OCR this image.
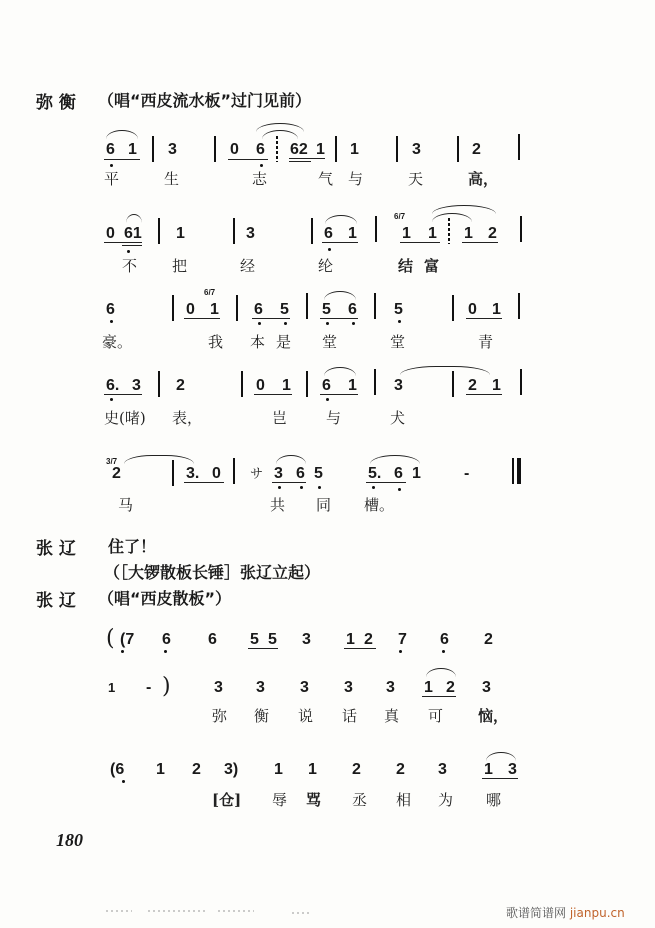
弥 衡 （唱“西皮流水板”过门见前）
6 1 3	0 6 62 1 1	3	2
平	生	志	气 与	天	高，
0 61 1	3	6 1
6/7
1 1 1 2
不 把	经	纶	结 富
6	0
6/7
1 6 5 5 6 5	0 1
豪。	我 本 是 堂	堂	青
6. 3 2	0 1 6 1 3	2 1
史(啫) 表，	岂	与	犬
3/7
2	3. 0 サ 3 6 5	5. 6 1	-
马	共 同 槽。
张 辽 住了！
（［大锣散板长锤］张辽立起）
张 辽 （唱“西皮散板”）
( (7 6 6 5 5 3 1 2 7 6 2
1 - )	3 3 3 3 3 1 2 3
弥 衡 说 话 真 可 恼，
(6 1 2 3) 1 1 2 2 3 1 3
[仓] 辱 骂 丞 相 为 哪
180
歌谱简谱网 jianpu.cn
